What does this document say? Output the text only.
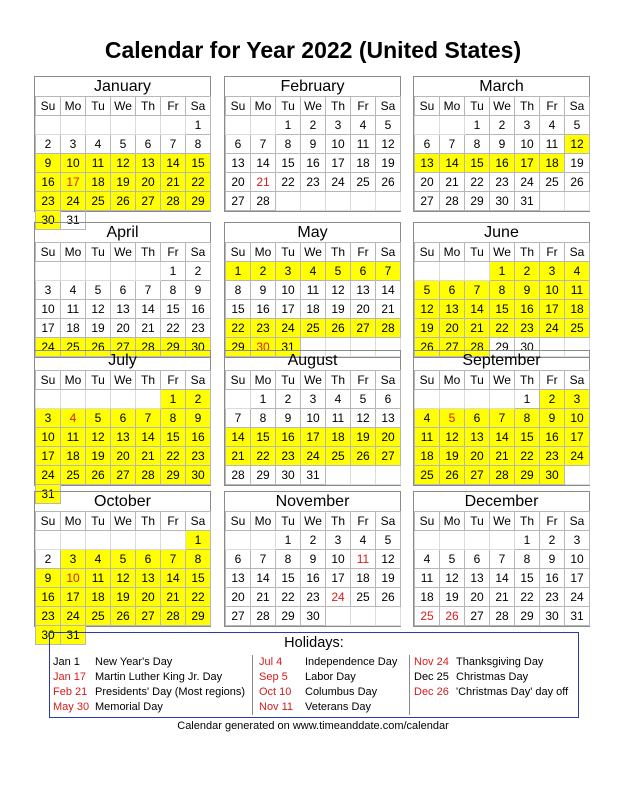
Calendar for Year 2022 (United States)
January
Su	Mo	Tu	We	Th	Fr	Sa
						1
2	3	4	5	6	7	8
9	10	11	12	13	14	15
16	17	18	19	20	21	22
23	24	25	26	27	28	29
30	31					
February
Su	Mo	Tu	We	Th	Fr	Sa
		1	2	3	4	5
6	7	8	9	10	11	12
13	14	15	16	17	18	19
20	21	22	23	24	25	26
27	28					

March
Su	Mo	Tu	We	Th	Fr	Sa
		1	2	3	4	5
6	7	8	9	10	11	12
13	14	15	16	17	18	19
20	21	22	23	24	25	26
27	28	29	30	31		

April
Su	Mo	Tu	We	Th	Fr	Sa
					1	2
3	4	5	6	7	8	9
10	11	12	13	14	15	16
17	18	19	20	21	22	23
24	25	26	27	28	29	30

May
Su	Mo	Tu	We	Th	Fr	Sa
1	2	3	4	5	6	7
8	9	10	11	12	13	14
15	16	17	18	19	20	21
22	23	24	25	26	27	28
29	30	31				

June
Su	Mo	Tu	We	Th	Fr	Sa
			1	2	3	4
5	6	7	8	9	10	11
12	13	14	15	16	17	18
19	20	21	22	23	24	25
26	27	28	29	30		

July
Su	Mo	Tu	We	Th	Fr	Sa
					1	2
3	4	5	6	7	8	9
10	11	12	13	14	15	16
17	18	19	20	21	22	23
24	25	26	27	28	29	30
31						
August
Su	Mo	Tu	We	Th	Fr	Sa
	1	2	3	4	5	6
7	8	9	10	11	12	13
14	15	16	17	18	19	20
21	22	23	24	25	26	27
28	29	30	31			

September
Su	Mo	Tu	We	Th	Fr	Sa
				1	2	3
4	5	6	7	8	9	10
11	12	13	14	15	16	17
18	19	20	21	22	23	24
25	26	27	28	29	30	

October
Su	Mo	Tu	We	Th	Fr	Sa
						1
2	3	4	5	6	7	8
9	10	11	12	13	14	15
16	17	18	19	20	21	22
23	24	25	26	27	28	29
30	31					
November
Su	Mo	Tu	We	Th	Fr	Sa
		1	2	3	4	5
6	7	8	9	10	11	12
13	14	15	16	17	18	19
20	21	22	23	24	25	26
27	28	29	30			

December
Su	Mo	Tu	We	Th	Fr	Sa
				1	2	3
4	5	6	7	8	9	10
11	12	13	14	15	16	17
18	19	20	21	22	23	24
25	26	27	28	29	30	31

Holidays:
Jan 1 New Year's Day
Jan 17 Martin Luther King Jr. Day
Feb 21 Presidents' Day (Most regions)
May 30 Memorial Day
Jul 4 Independence Day
Sep 5 Labor Day
Oct 10 Columbus Day
Nov 11 Veterans Day
Nov 24 Thanksgiving Day
Dec 25 Christmas Day
Dec 26 'Christmas Day' day off
Calendar generated on www.timeanddate.com/calendar
